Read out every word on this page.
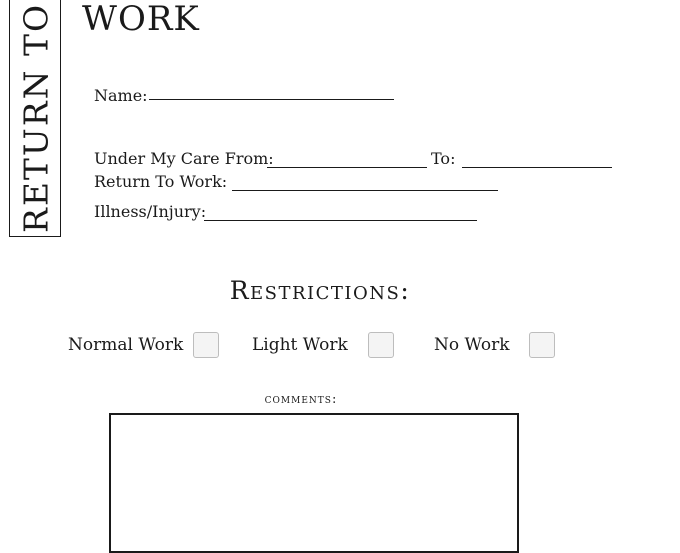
RETURN TO WORK
Name:
Under My Care From:	To:
Return To Work:
Illness/Injury:
Restrictions:
Normal Work	Light Work	No Work
comments:
